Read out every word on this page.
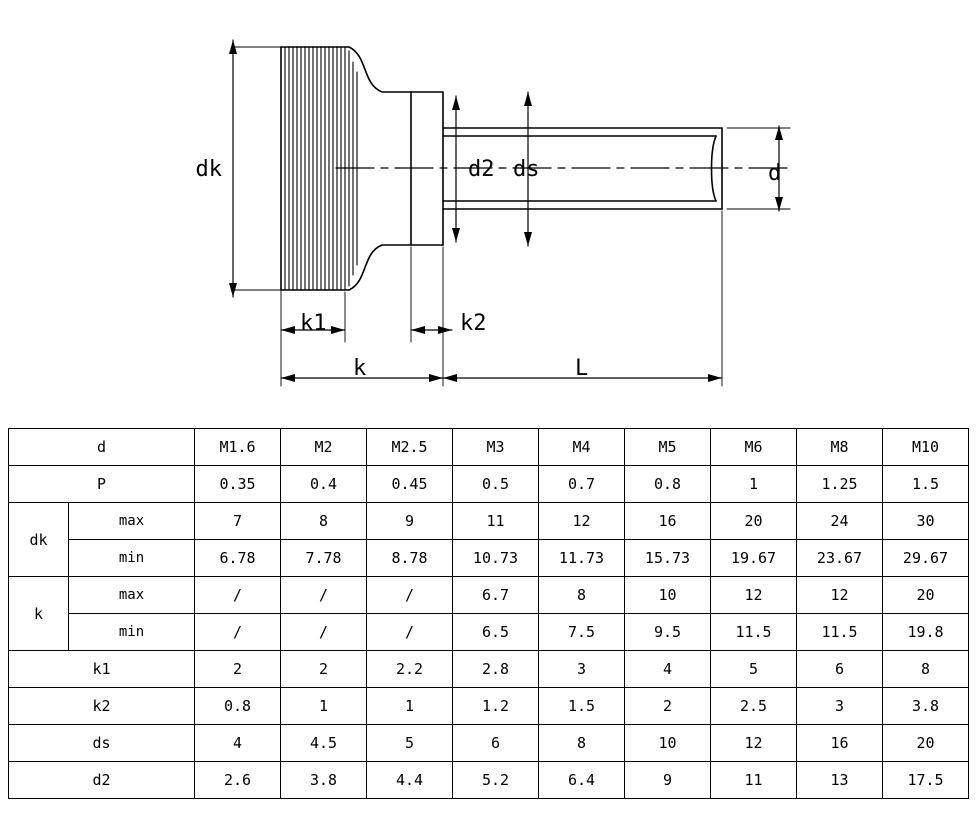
dk	d2 ds	d
k1	k2
k	L
d		M1.6	M2	M2.5	M3	M4	M5	M6	M8	M10
P		0.35	0.4	0.45	0.5	0.7	0.8	1	1.25	1.5
dk	max	7	8	9	11	12	16	20	24	30
	min	6.78	7.78	8.78	10.73	11.73	15.73	19.67	23.67	29.67
k	max	/	/	/	6.7	8	10	12	12	20
	min	/	/	/	6.5	7.5	9.5	11.5	11.5	19.8
k1		2	2	2.2	2.8	3	4	5	6	8
k2		0.8	1	1	1.2	1.5	2	2.5	3	3.8
ds		4	4.5	5	6	8	10	12	16	20
d2		2.6	3.8	4.4	5.2	6.4	9	11	13	17.5
